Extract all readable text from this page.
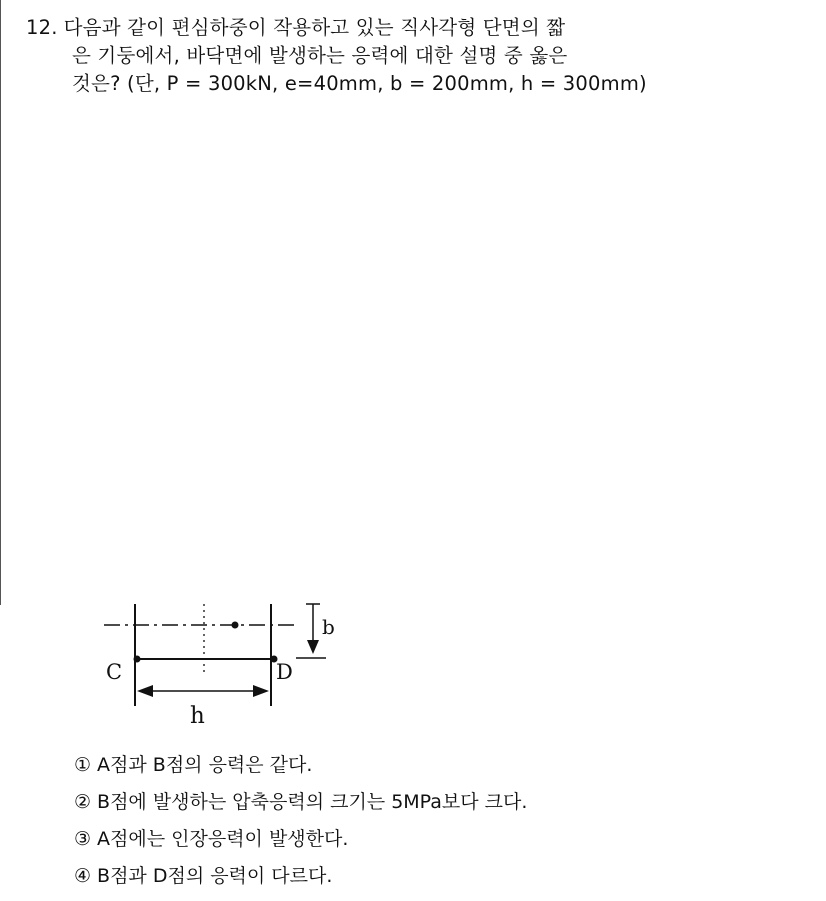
12. 다음과 같이 편심하중이 작용하고 있는 직사각형 단면의 짧
은 기둥에서, 바닥면에 발생하는 응력에 대한 설명 중 옳은
것은? (단, P = 300kN, e=40mm, b = 200mm, h = 300mm)
C	D
b
h
① A점과 B점의 응력은 같다.
② B점에 발생하는 압축응력의 크기는 5MPa보다 크다.
③ A점에는 인장응력이 발생한다.
④ B점과 D점의 응력이 다르다.
